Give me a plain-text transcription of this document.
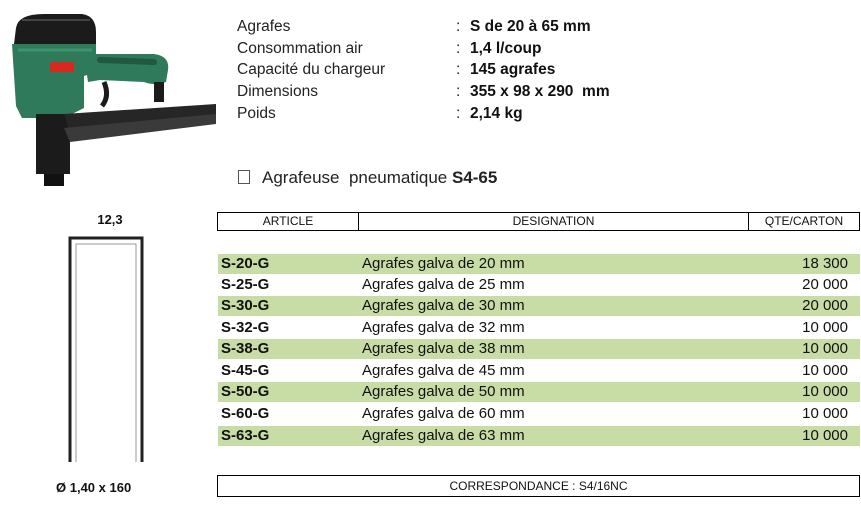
Agrafes	: S de 20 à 65 mm
Consommation air	: 1,4 l/coup
Capacité du chargeur	: 145 agrafes
Dimensions	: 355 x 98 x 290  mm
Poids	: 2,14 kg
Agrafeuse  pneumatique S4-65
12,3
Ø 1,40 x 160
ARTICLE	DESIGNATION	QTE/CARTON
S-20-G	Agrafes galva de 20 mm	18 300
S-25-G	Agrafes galva de 25 mm	20 000
S-30-G	Agrafes galva de 30 mm	20 000
S-32-G	Agrafes galva de 32 mm	10 000
S-38-G	Agrafes galva de 38 mm	10 000
S-45-G	Agrafes galva de 45 mm	10 000
S-50-G	Agrafes galva de 50 mm	10 000
S-60-G	Agrafes galva de 60 mm	10 000
S-63-G	Agrafes galva de 63 mm	10 000
CORRESPONDANCE : S4/16NC
